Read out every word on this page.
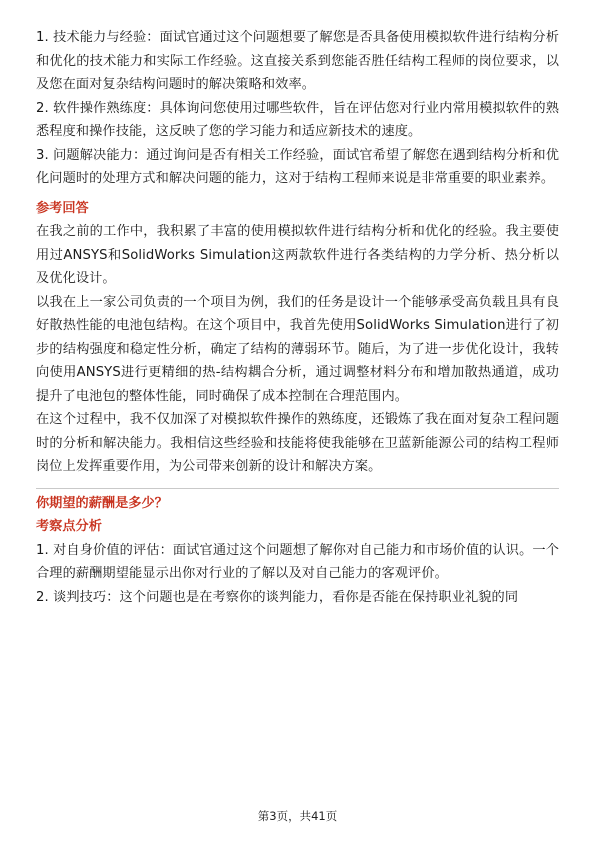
1. 技术能力与经验：面试官通过这个问题想要了解您是否具备使用模拟软件进行结构分析和优化的技术能力和实际工作经验。这直接关系到您能否胜任结构工程师的岗位要求，以及您在面对复杂结构问题时的解决策略和效率。

2. 软件操作熟练度：具体询问您使用过哪些软件，旨在评估您对行业内常用模拟软件的熟悉程度和操作技能，这反映了您的学习能力和适应新技术的速度。

3. 问题解决能力：通过询问是否有相关工作经验，面试官希望了解您在遇到结构分析和优化问题时的处理方式和解决问题的能力，这对于结构工程师来说是非常重要的职业素养。

参考回答

在我之前的工作中，我积累了丰富的使用模拟软件进行结构分析和优化的经验。我主要使用过ANSYS和SolidWorks Simulation这两款软件进行各类结构的力学分析、热分析以及优化设计。

以我在上一家公司负责的一个项目为例，我们的任务是设计一个能够承受高负载且具有良好散热性能的电池包结构。在这个项目中，我首先使用SolidWorks Simulation进行了初步的结构强度和稳定性分析，确定了结构的薄弱环节。随后，为了进一步优化设计，我转向使用ANSYS进行更精细的热-结构耦合分析，通过调整材料分布和增加散热通道，成功提升了电池包的整体性能，同时确保了成本控制在合理范围内。

在这个过程中，我不仅加深了对模拟软件操作的熟练度，还锻炼了我在面对复杂工程问题时的分析和解决能力。我相信这些经验和技能将使我能够在卫蓝新能源公司的结构工程师岗位上发挥重要作用，为公司带来创新的设计和解决方案。

你期望的薪酬是多少？

考察点分析

1. 对自身价值的评估：面试官通过这个问题想了解你对自己能力和市场价值的认识。一个合理的薪酬期望能显示出你对行业的了解以及对自己能力的客观评价。

2. 谈判技巧：这个问题也是在考察你的谈判能力，看你是否能在保持职业礼貌的同

第3页，共41页
